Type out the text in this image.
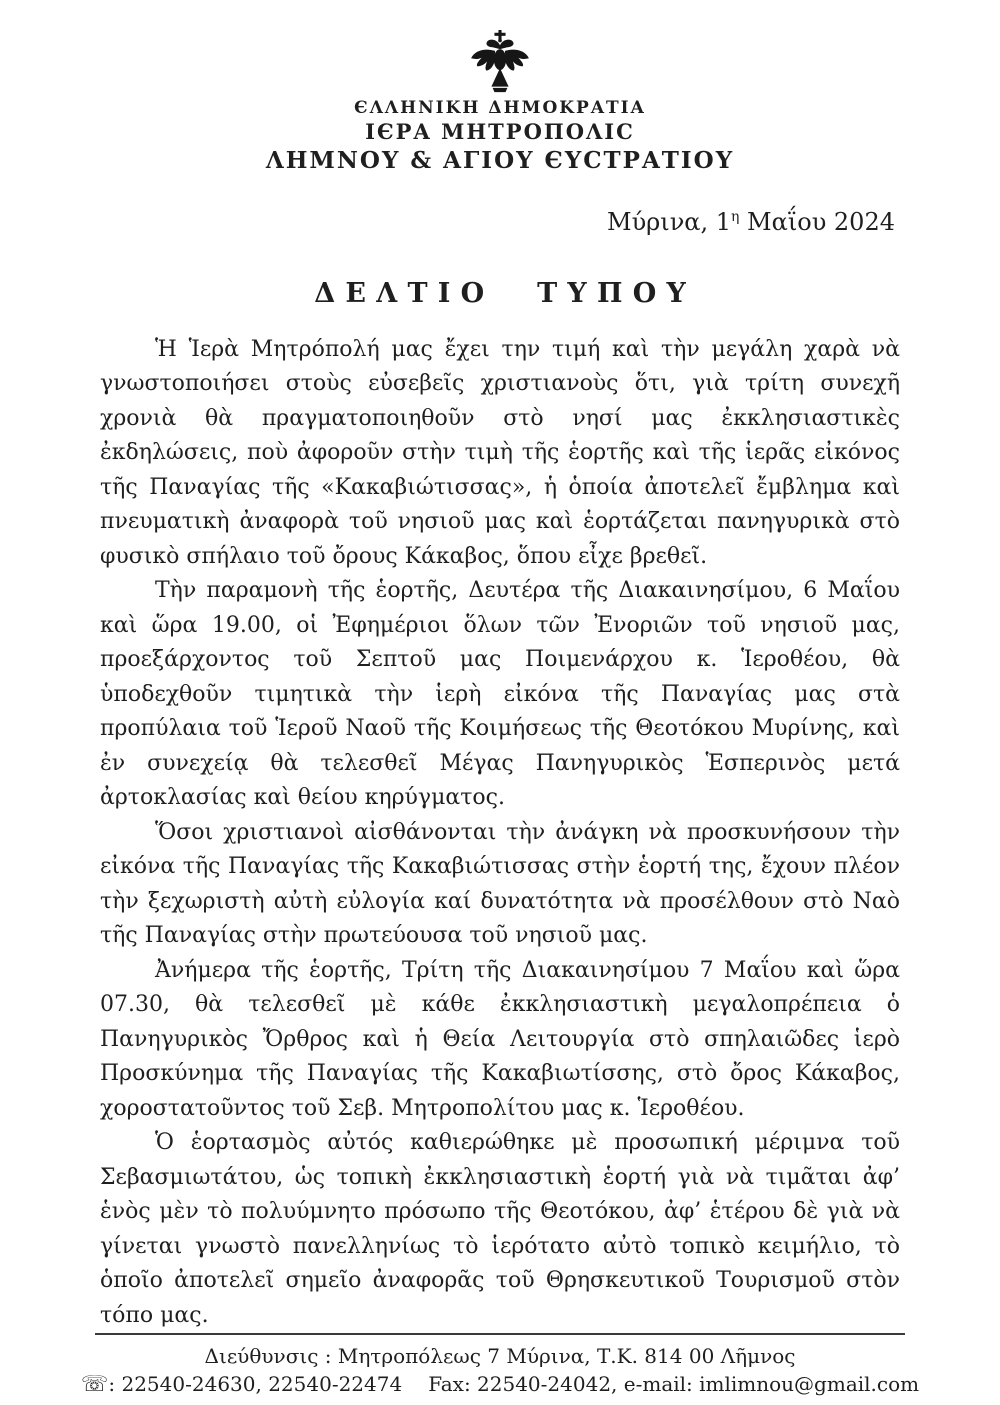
ЄΛΛΗΝΙΚΗ ΔΗΜΟΚΡΑΤΙΑ
ΙЄΡΑ ΜΗΤΡΟΠΟΛΙC
ΛΗΜΝΟΥ & ΑΓΙΟΥ ЄΥCΤΡΑΤΙΟΥ
Μύρινα, $1^\eta$ Μαΐου 2024
ΔΕΛΤΙΟ ΤΥΠΟΥ

Ἡ Ἱερὰ Μητρόπολή μας ἔχει την τιμή καὶ τὴν μεγάλη χαρὰ νὰ γνωστοποιήσει στοὺς εὐσεβεῖς χριστιανοὺς ὅτι, γιὰ τρίτη συνεχῆ χρονιὰ θὰ πραγματοποιηθοῦν στὸ νησί μας ἐκκλησιαστικὲς ἐκδηλώσεις, ποὺ ἀφοροῦν στὴν τιμὴ τῆς ἑορτῆς καὶ τῆς ἱερᾶς εἰκόνος τῆς Παναγίας τῆς «Κακαβιώτισσας», ἡ ὁποία ἀποτελεῖ ἔμβλημα καὶ πνευματικὴ ἀναφορὰ τοῦ νησιοῦ μας καὶ ἑορτάζεται πανηγυρικὰ στὸ φυσικὸ σπήλαιο τοῦ ὄρους Κάκαβος, ὅπου εἶχε βρεθεῖ.

Τὴν παραμονὴ τῆς ἑορτῆς, Δευτέρα τῆς Διακαινησίμου, 6 Μαΐου καὶ ὥρα 19.00, οἱ Ἐφημέριοι ὅλων τῶν Ἐνοριῶν τοῦ νησιοῦ μας, προεξάρχοντος τοῦ Σεπτοῦ μας Ποιμενάρχου κ. Ἱεροθέου, θὰ ὑποδεχθοῦν τιμητικὰ τὴν ἱερὴ εἰκόνα τῆς Παναγίας μας στὰ προπύλαια τοῦ Ἱεροῦ Ναοῦ τῆς Κοιμήσεως τῆς Θεοτόκου Μυρίνης, καὶ ἐν συνεχείᾳ θὰ τελεσθεῖ Μέγας Πανηγυρικὸς Ἑσπερινὸς μετά ἀρτοκλασίας καὶ θείου κηρύγματος.

Ὅσοι χριστιανοὶ αἰσθάνονται τὴν ἀνάγκη νὰ προσκυνήσουν τὴν εἰκόνα τῆς Παναγίας τῆς Κακαβιώτισσας στὴν ἑορτή της, ἔχουν πλέον τὴν ξεχωριστὴ αὐτὴ εὐλογία καί δυνατότητα νὰ προσέλθουν στὸ Ναὸ τῆς Παναγίας στὴν πρωτεύουσα τοῦ νησιοῦ μας.

Ἀνήμερα τῆς ἑορτῆς, Τρίτη τῆς Διακαινησίμου 7 Μαΐου καὶ ὥρα 07.30, θὰ τελεσθεῖ μὲ κάθε ἐκκλησιαστικὴ μεγαλοπρέπεια ὁ Πανηγυρικὸς Ὄρθρος καὶ ἡ Θεία Λειτουργία στὸ σπηλαιῶδες ἱερὸ Προσκύνημα τῆς Παναγίας τῆς Κακαβιωτίσσης, στὸ ὄρος Κάκαβος, χοροστατοῦντος τοῦ Σεβ. Μητροπολίτου μας κ. Ἱεροθέου.

Ὁ ἑορτασμὸς αὐτός καθιερώθηκε μὲ προσωπική μέριμνα τοῦ Σεβασμιωτάτου, ὡς τοπικὴ ἐκκλησιαστικὴ ἑορτή γιὰ νὰ τιμᾶται ἀφ’ ἑνὸς μὲν τὸ πολυύμνητο πρόσωπο τῆς Θεοτόκου, ἀφ’ ἑτέρου δὲ γιὰ νὰ γίνεται γνωστὸ πανελληνίως τὸ ἱερότατο αὐτὸ τοπικὸ κειμήλιο, τὸ ὁποῖο ἀποτελεῖ σημεῖο ἀναφορᾶς τοῦ Θρησκευτικοῦ Τουρισμοῦ στὸν τόπο μας.

Διεύθυνσις : Μητροπόλεως 7 Μύρινα, Τ.Κ. 814 00 Λῆμνος
☏: 22540-24630, 22540-22474 Fax: 22540-24042, e-mail: imlimnou@gmail.com
